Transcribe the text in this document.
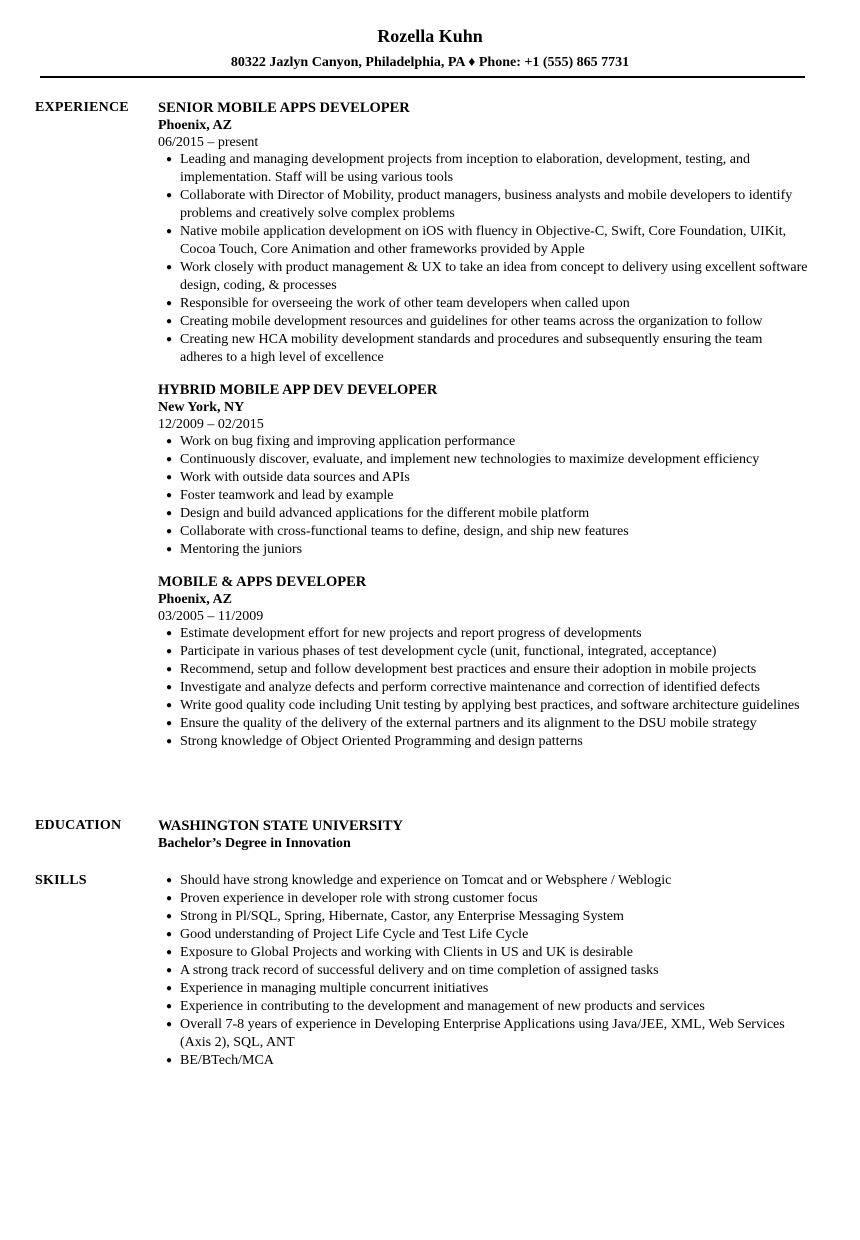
Rozella Kuhn
80322 Jazlyn Canyon, Philadelphia, PA ♦ Phone: +1 (555) 865 7731
EXPERIENCE	SENIOR MOBILE APPS DEVELOPER
Phoenix, AZ
06/2015 – present
● Leading and managing development projects from inception to elaboration, development, testing, and implementation. Staff will be using various tools
● Collaborate with Director of Mobility, product managers, business analysts and mobile developers to identify problems and creatively solve complex problems
● Native mobile application development on iOS with fluency in Objective-C, Swift, Core Foundation, UIKit, Cocoa Touch, Core Animation and other frameworks provided by Apple
● Work closely with product management & UX to take an idea from concept to delivery using excellent software design, coding, & processes
● Responsible for overseeing the work of other team developers when called upon
● Creating mobile development resources and guidelines for other teams across the organization to follow
● Creating new HCA mobility development standards and procedures and subsequently ensuring the team adheres to a high level of excellence
HYBRID MOBILE APP DEV DEVELOPER
New York, NY
12/2009 – 02/2015
● Work on bug fixing and improving application performance
● Continuously discover, evaluate, and implement new technologies to maximize development efficiency
● Work with outside data sources and APIs
● Foster teamwork and lead by example
● Design and build advanced applications for the different mobile platform
● Collaborate with cross-functional teams to define, design, and ship new features
● Mentoring the juniors
MOBILE & APPS DEVELOPER
Phoenix, AZ
03/2005 – 11/2009
● Estimate development effort for new projects and report progress of developments
● Participate in various phases of test development cycle (unit, functional, integrated, acceptance)
● Recommend, setup and follow development best practices and ensure their adoption in mobile projects
● Investigate and analyze defects and perform corrective maintenance and correction of identified defects
● Write good quality code including Unit testing by applying best practices, and software architecture guidelines
● Ensure the quality of the delivery of the external partners and its alignment to the DSU mobile strategy
● Strong knowledge of Object Oriented Programming and design patterns
EDUCATION	WASHINGTON STATE UNIVERSITY
Bachelor’s Degree in Innovation
SKILLS	● Should have strong knowledge and experience on Tomcat and or Websphere / Weblogic
● Proven experience in developer role with strong customer focus
● Strong in Pl/SQL, Spring, Hibernate, Castor, any Enterprise Messaging System
● Good understanding of Project Life Cycle and Test Life Cycle
● Exposure to Global Projects and working with Clients in US and UK is desirable
● A strong track record of successful delivery and on time completion of assigned tasks
● Experience in managing multiple concurrent initiatives
● Experience in contributing to the development and management of new products and services
● Overall 7-8 years of experience in Developing Enterprise Applications using Java/JEE, XML, Web Services (Axis 2), SQL, ANT
● BE/BTech/MCA
